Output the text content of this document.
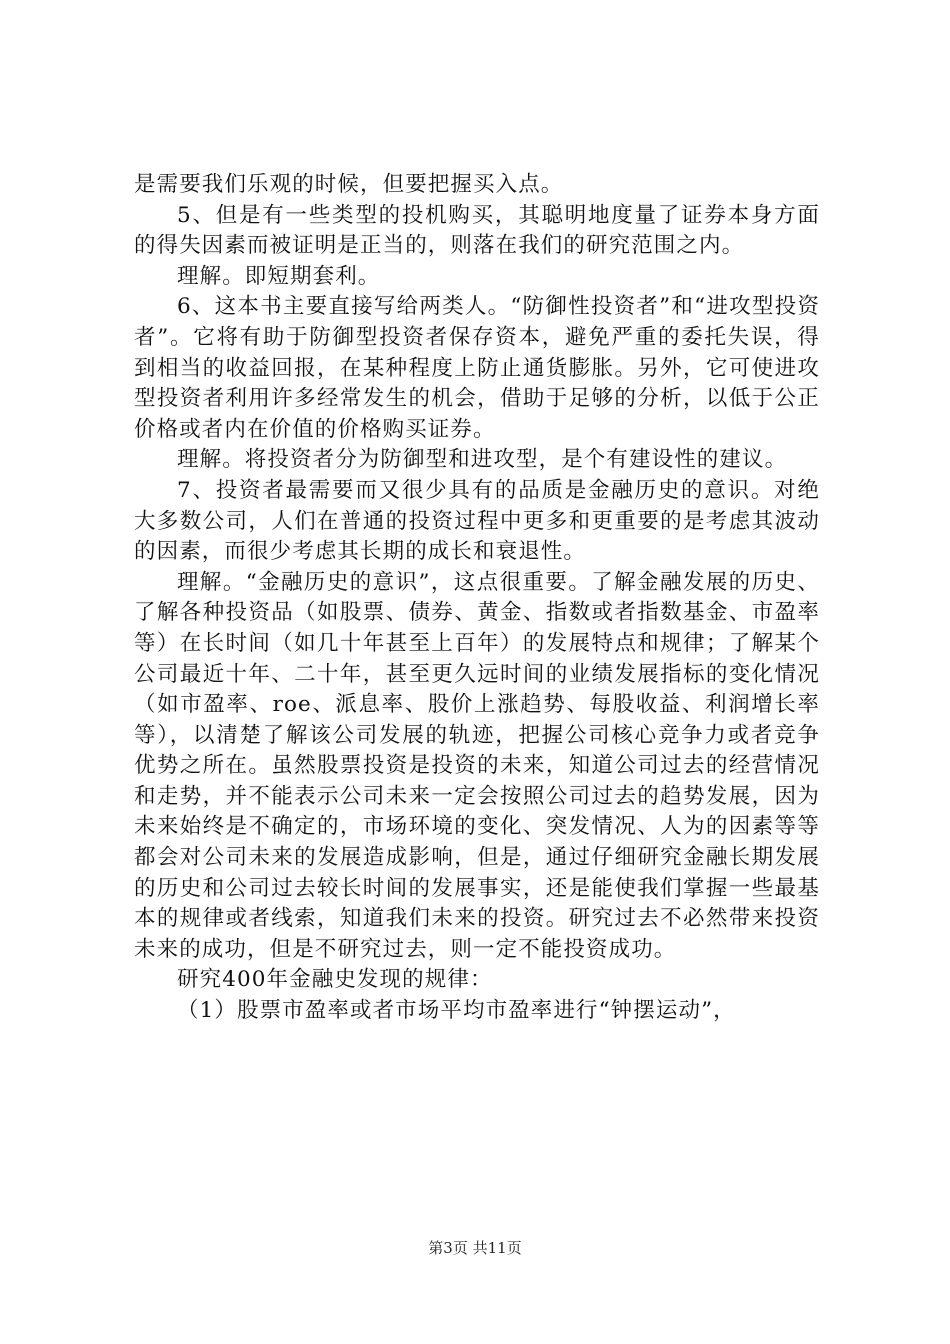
是需要我们乐观的时候，但要把握买入点。

5、但是有一些类型的投机购买，其聪明地度量了证券本身方面的得失因素而被证明是正当的，则落在我们的研究范围之内。

理解。即短期套利。

6、这本书主要直接写给两类人。“防御性投资者”和“进攻型投资者”。它将有助于防御型投资者保存资本，避免严重的委托失误，得到相当的收益回报，在某种程度上防止通货膨胀。另外，它可使进攻型投资者利用许多经常发生的机会，借助于足够的分析，以低于公正价格或者内在价值的价格购买证券。

理解。将投资者分为防御型和进攻型，是个有建设性的建议。

7、投资者最需要而又很少具有的品质是金融历史的意识。对绝大多数公司，人们在普通的投资过程中更多和更重要的是考虑其波动的因素，而很少考虑其长期的成长和衰退性。

理解。“金融历史的意识”，这点很重要。了解金融发展的历史、了解各种投资品（如股票、债券、黄金、指数或者指数基金、市盈率等）在长时间（如几十年甚至上百年）的发展特点和规律；了解某个公司最近十年、二十年，甚至更久远时间的业绩发展指标的变化情况（如市盈率、roe、派息率、股价上涨趋势、每股收益、利润增长率等），以清楚了解该公司发展的轨迹，把握公司核心竞争力或者竞争优势之所在。虽然股票投资是投资的未来，知道公司过去的经营情况和走势，并不能表示公司未来一定会按照公司过去的趋势发展，因为未来始终是不确定的，市场环境的变化、突发情况、人为的因素等等都会对公司未来的发展造成影响，但是，通过仔细研究金融长期发展的历史和公司过去较长时间的发展事实，还是能使我们掌握一些最基本的规律或者线索，知道我们未来的投资。研究过去不必然带来投资未来的成功，但是不研究过去，则一定不能投资成功。

研究400年金融史发现的规律：

（1）股票市盈率或者市场平均市盈率进行“钟摆运动”，

第3页 共11页
